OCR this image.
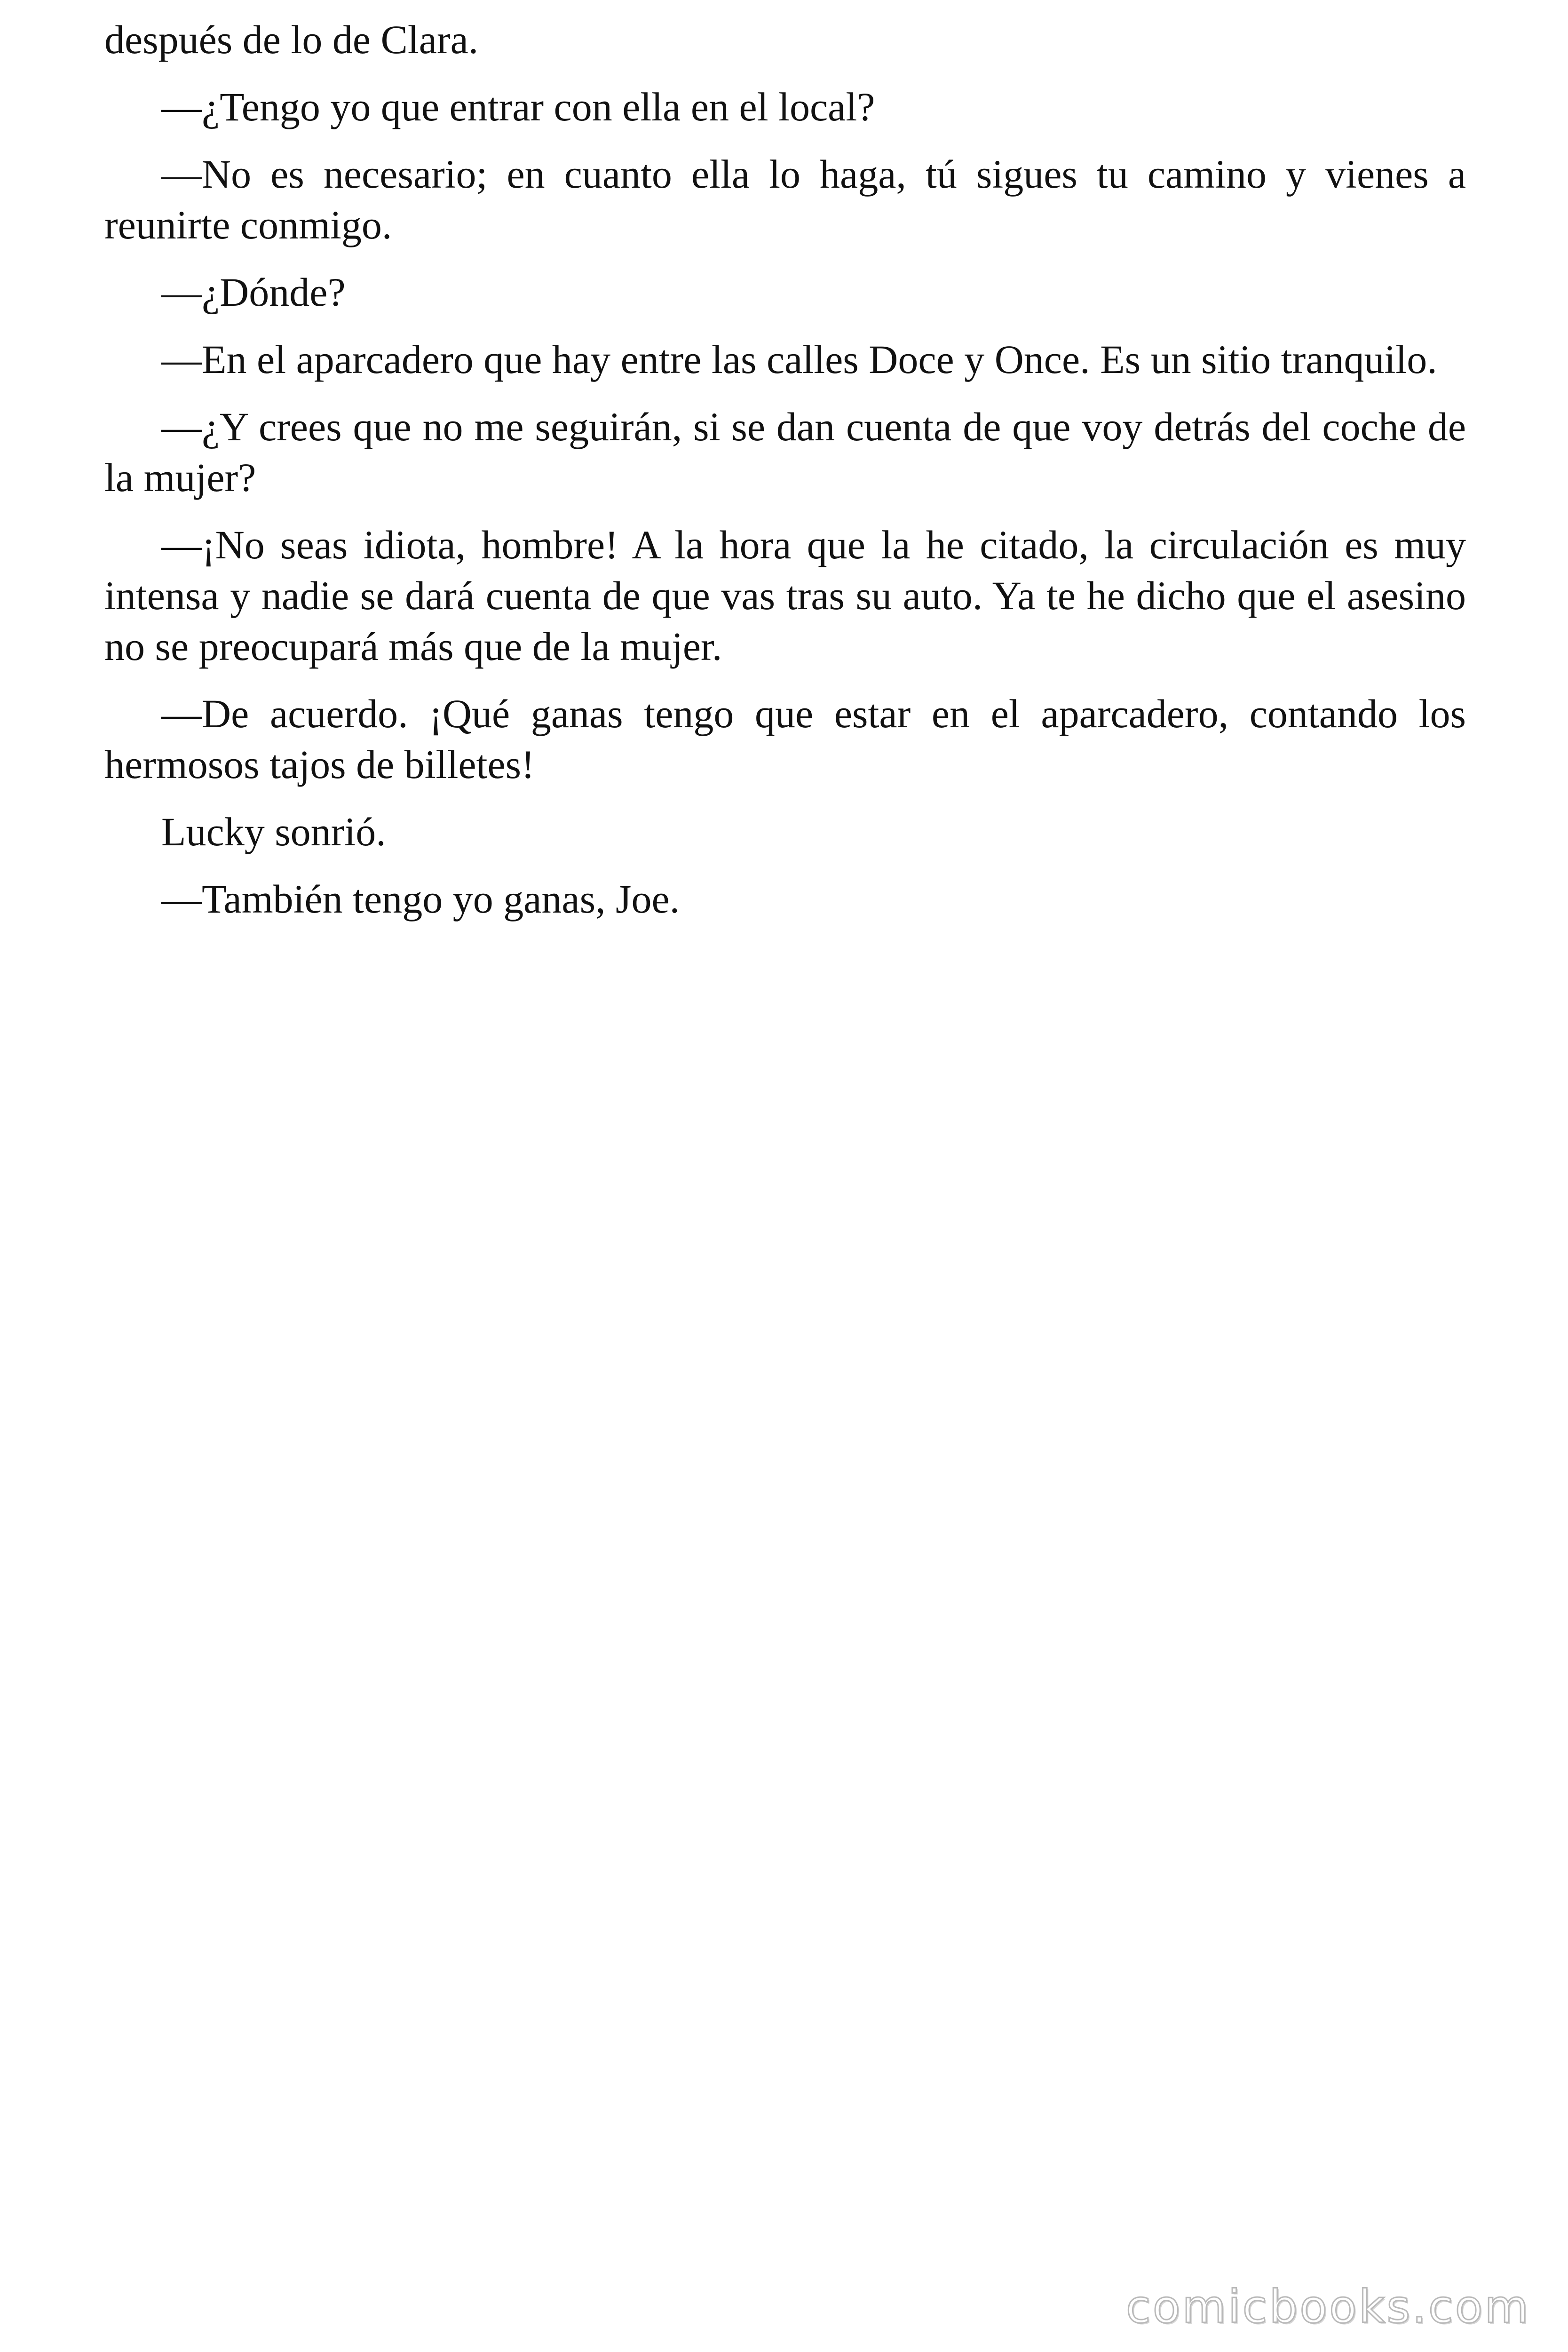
después de lo de Clara.

—¿Tengo yo que entrar con ella en el local?

—No es necesario; en cuanto ella lo haga, tú sigues tu camino y vienes a reunirte conmigo.

—¿Dónde?

—En el aparcadero que hay entre las calles Doce y Once. Es un sitio tranquilo.

—¿Y crees que no me seguirán, si se dan cuenta de que voy detrás del coche de la mujer?

—¡No seas idiota, hombre! A la hora que la he citado, la circulación es muy intensa y nadie se dará cuenta de que vas tras su auto. Ya te he dicho que el asesino no se preocupará más que de la mujer.

—De acuerdo. ¡Qué ganas tengo que estar en el aparcadero, contando los hermosos tajos de billetes!

Lucky sonrió.

—También tengo yo ganas, Joe.

comicbooks.com
